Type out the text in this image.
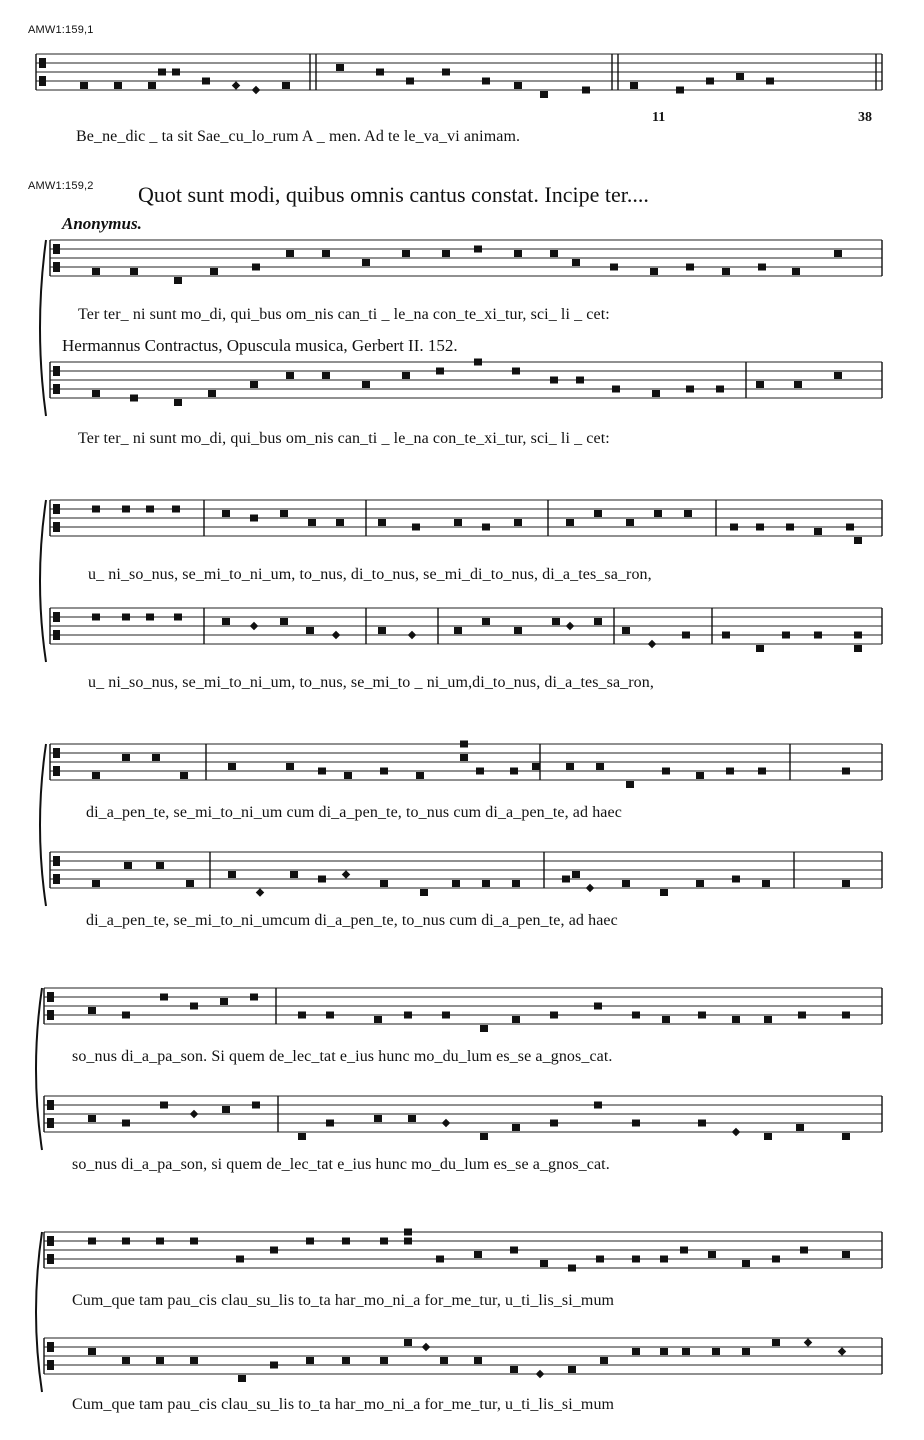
AMW1:159,1
AMW1:159,2 Quot sunt modi, quibus omnis cantus constat. Incipe ter....
Anonymus.
Hermannus Contractus, Opuscula musica, Gerbert II. 152.
11	38
Be_ne_dic _ ta sit Sae_cu_lo_rum A _ men. Ad te le_va_vi animam.
Ter ter_ ni sunt mo_di, qui_bus om_nis can_ti _ le_na con_te_xi_tur, sci_ li _ cet:
Ter ter_ ni sunt mo_di, qui_bus om_nis can_ti _ le_na con_te_xi_tur, sci_ li _ cet:
u_ ni_so_nus, se_mi_to_ni_um, to_nus, di_to_nus, se_mi_di_to_nus, di_a_tes_sa_ron,
u_ ni_so_nus, se_mi_to_ni_um, to_nus, se_mi_to _ ni_um,di_to_nus, di_a_tes_sa_ron,
di_a_pen_te, se_mi_to_ni_um cum di_a_pen_te, to_nus cum di_a_pen_te, ad haec
di_a_pen_te, se_mi_to_ni_umcum di_a_pen_te, to_nus cum di_a_pen_te, ad haec
so_nus di_a_pa_son. Si quem de_lec_tat e_ius hunc mo_du_lum es_se a_gnos_cat.
so_nus di_a_pa_son, si quem de_lec_tat e_ius hunc mo_du_lum es_se a_gnos_cat.
Cum_que tam pau_cis clau_su_lis to_ta har_mo_ni_a for_me_tur, u_ti_lis_si_mum
Cum_que tam pau_cis clau_su_lis to_ta har_mo_ni_a for_me_tur, u_ti_lis_si_mum
